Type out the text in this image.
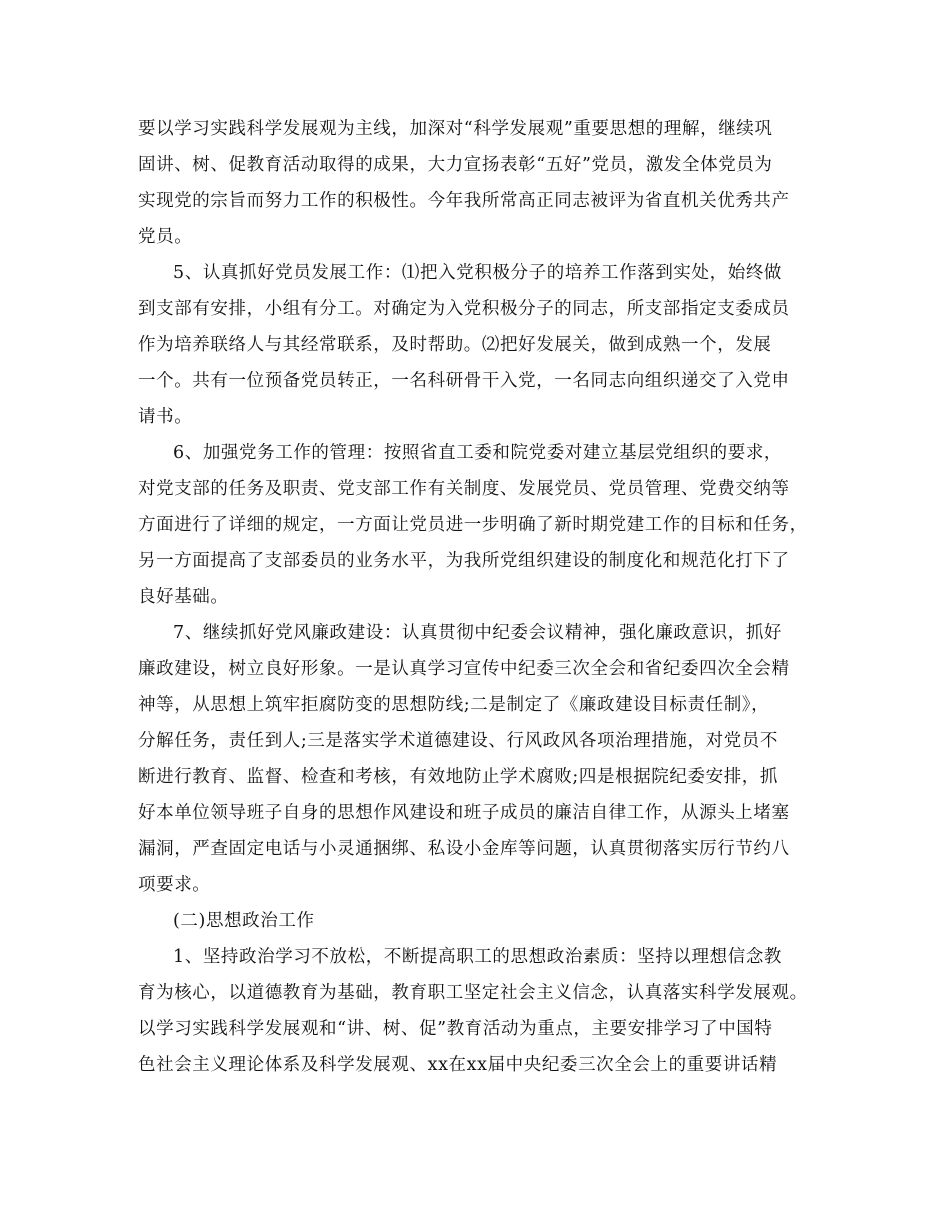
要以学习实践科学发展观为主线，加深对“科学发展观”重要思想的理解，继续巩
固讲、树、促教育活动取得的成果，大力宣扬表彰“五好”党员，激发全体党员为
实现党的宗旨而努力工作的积极性。今年我所常高正同志被评为省直机关优秀共产
党员。
5、认真抓好党员发展工作：⑴把入党积极分子的培养工作落到实处，始终做
到支部有安排，小组有分工。对确定为入党积极分子的同志，所支部指定支委成员
作为培养联络人与其经常联系，及时帮助。⑵把好发展关，做到成熟一个，发展
一个。共有一位预备党员转正，一名科研骨干入党，一名同志向组织递交了入党申
请书。
6、加强党务工作的管理：按照省直工委和院党委对建立基层党组织的要求，
对党支部的任务及职责、党支部工作有关制度、发展党员、党员管理、党费交纳等
方面进行了详细的规定，一方面让党员进一步明确了新时期党建工作的目标和任务，
另一方面提高了支部委员的业务水平，为我所党组织建设的制度化和规范化打下了
良好基础。
7、继续抓好党风廉政建设：认真贯彻中纪委会议精神，强化廉政意识，抓好
廉政建设，树立良好形象。一是认真学习宣传中纪委三次全会和省纪委四次全会精
神等，从思想上筑牢拒腐防变的思想防线;二是制定了《廉政建设目标责任制》，
分解任务，责任到人;三是落实学术道德建设、行风政风各项治理措施，对党员不
断进行教育、监督、检查和考核，有效地防止学术腐败;四是根据院纪委安排，抓
好本单位领导班子自身的思想作风建设和班子成员的廉洁自律工作，从源头上堵塞
漏洞，严查固定电话与小灵通捆绑、私设小金库等问题，认真贯彻落实厉行节约八
项要求。
(二)思想政治工作
1、坚持政治学习不放松，不断提高职工的思想政治素质：坚持以理想信念教
育为核心，以道德教育为基础，教育职工坚定社会主义信念，认真落实科学发展观。
以学习实践科学发展观和“讲、树、促”教育活动为重点，主要安排学习了中国特
色社会主义理论体系及科学发展观、xx在xx届中央纪委三次全会上的重要讲话精
